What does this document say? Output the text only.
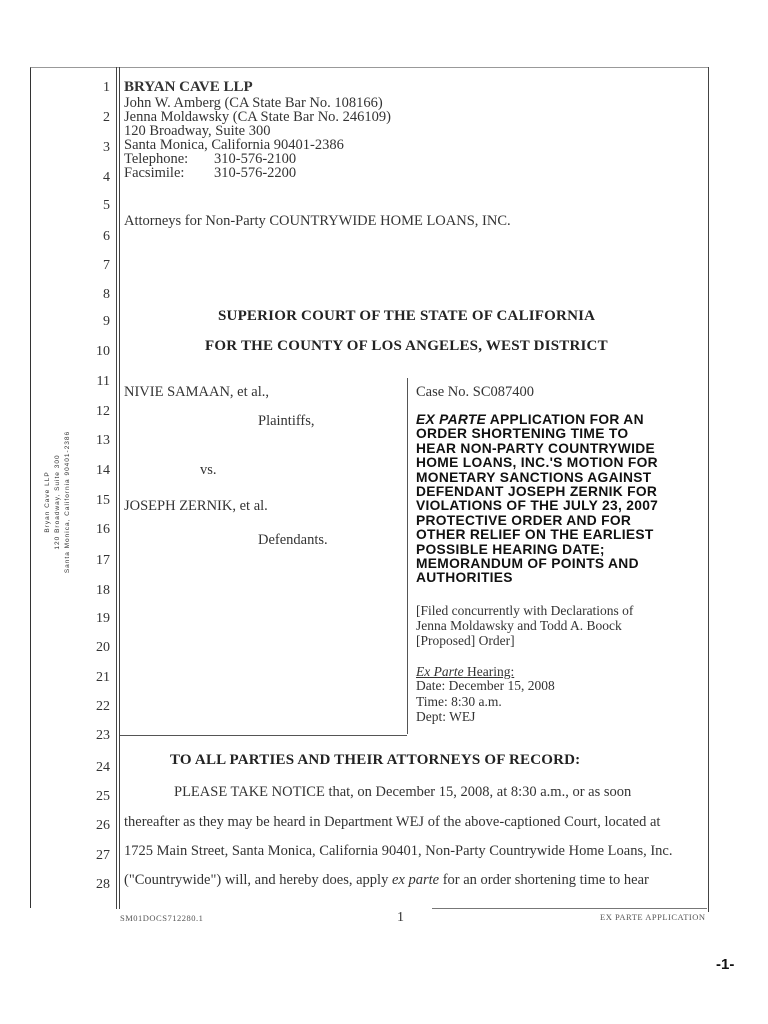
Bryan Cave LLP 120 Broadway, Suite 300 Santa Monica, California 90401-2386
1
2
3
4
5
6
7
8
9
10
11
12
13
14
15
16
17
18
19
20
21
22
23
24
25
26
27
28
BRYAN CAVE LLP
John W. Amberg (CA State Bar No. 108166)
Jenna Moldawsky (CA State Bar No. 246109)
120 Broadway, Suite 300
Santa Monica, California 90401-2386
Telephone: 310-576-2100
Facsimile: 310-576-2200
Attorneys for Non-Party COUNTRYWIDE HOME LOANS, INC.
SUPERIOR COURT OF THE STATE OF CALIFORNIA
FOR THE COUNTY OF LOS ANGELES, WEST DISTRICT
NIVIE SAMAAN, et al.,
Plaintiffs,
vs.
JOSEPH ZERNIK, et al.
Defendants.
Case No. SC087400
EX PARTE APPLICATION FOR AN
ORDER SHORTENING TIME TO
HEAR NON-PARTY COUNTRYWIDE
HOME LOANS, INC.'S MOTION FOR
MONETARY SANCTIONS AGAINST
DEFENDANT JOSEPH ZERNIK FOR
VIOLATIONS OF THE JULY 23, 2007
PROTECTIVE ORDER AND FOR
OTHER RELIEF ON THE EARLIEST
POSSIBLE HEARING DATE;
MEMORANDUM OF POINTS AND
AUTHORITIES
[Filed concurrently with Declarations of
Jenna Moldawsky and Todd A. Boock
[Proposed] Order]
Ex Parte Hearing:
Date: December 15, 2008
Time: 8:30 a.m.
Dept: WEJ
TO ALL PARTIES AND THEIR ATTORNEYS OF RECORD:
PLEASE TAKE NOTICE that, on December 15, 2008, at 8:30 a.m., or as soon
thereafter as they may be heard in Department WEJ of the above-captioned Court, located at
1725 Main Street, Santa Monica, California 90401, Non-Party Countrywide Home Loans, Inc.
("Countrywide") will, and hereby does, apply ex parte for an order shortening time to hear
SM01DOCS712280.1	1	EX PARTE APPLICATION
-1-
